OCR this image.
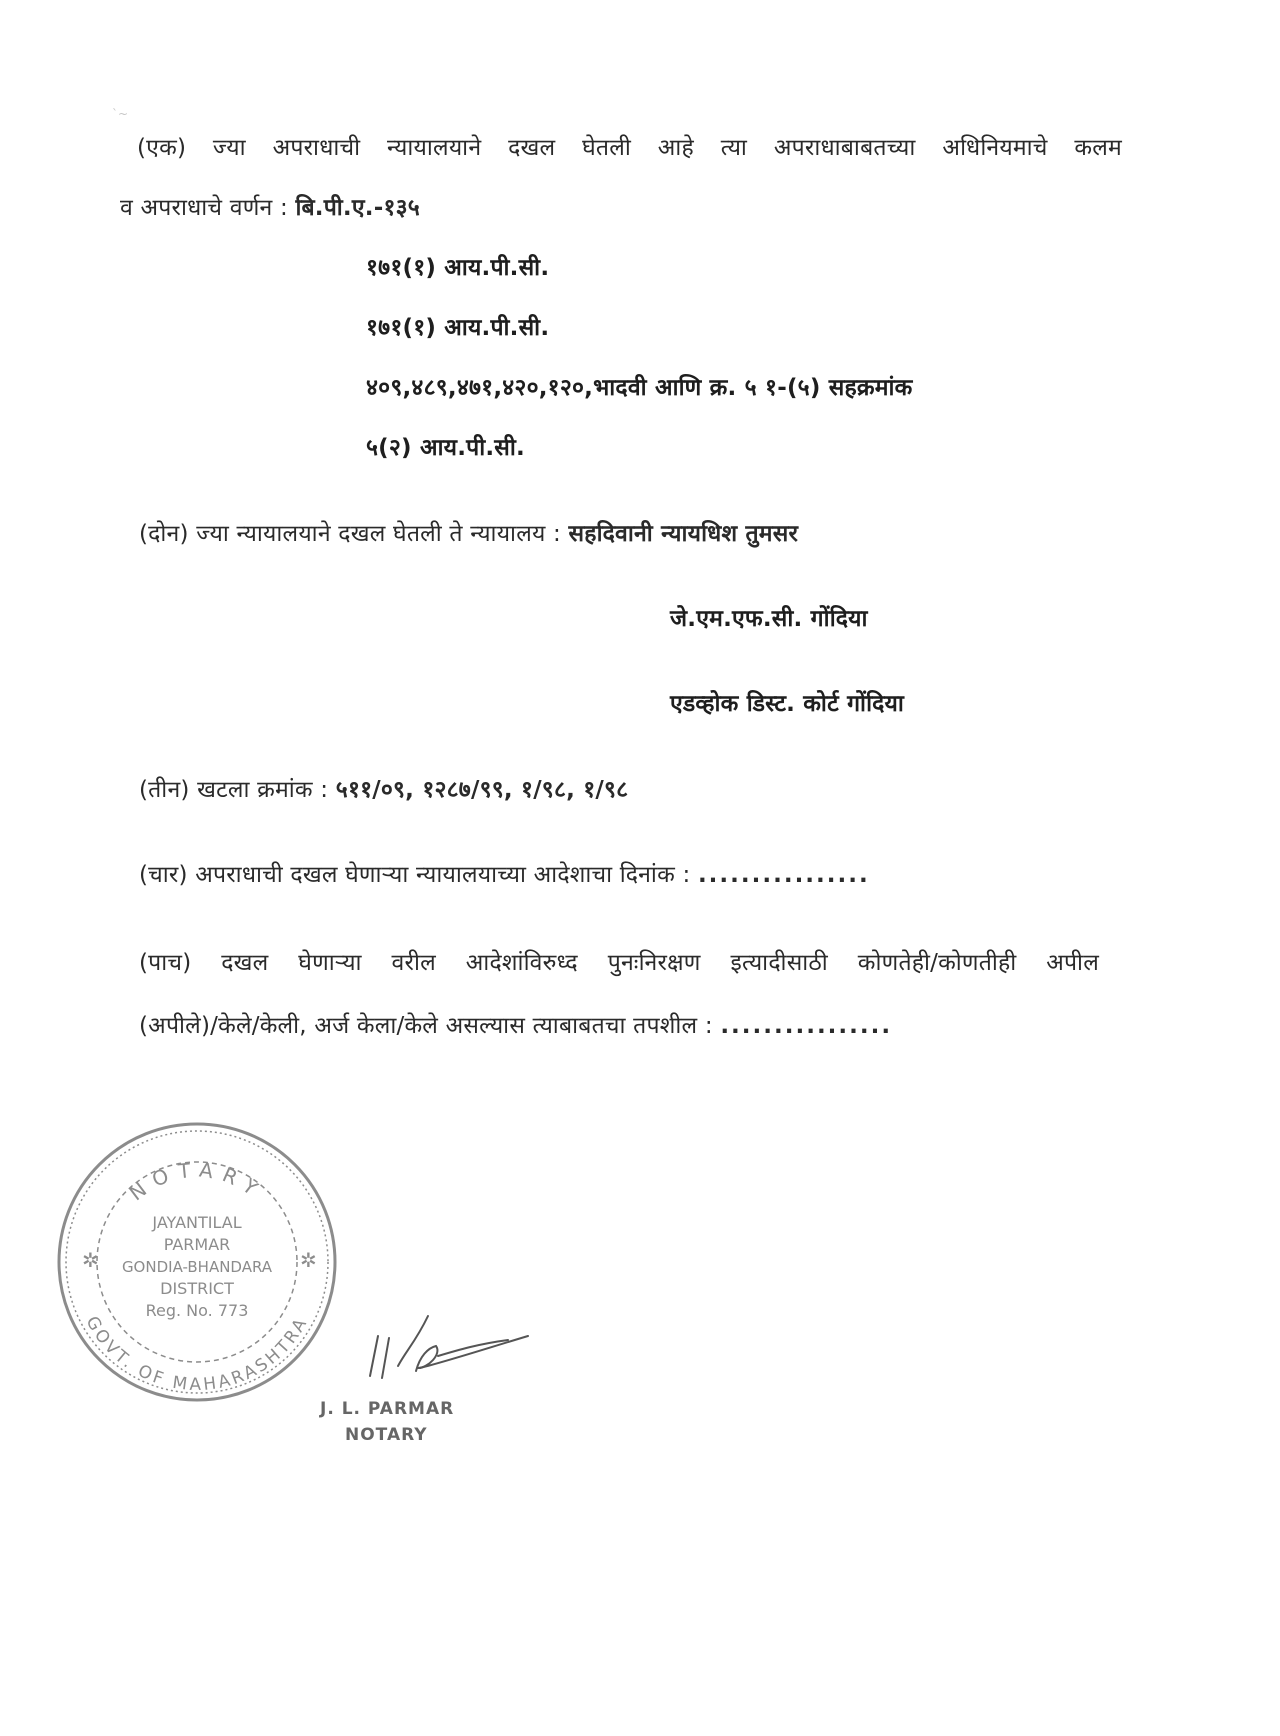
`~
(एक) ज्या अपराधाची न्यायालयाने दखल घेतली आहे त्या अपराधाबाबतच्या अधिनियमाचे कलम
व अपराधाचे वर्णन : बि.पी.ए.-१३५
१७१(१) आय.पी.सी.
१७१(१) आय.पी.सी.
४०९,४८९,४७१,४२०,१२०,भादवी आणि क्र. ५ १-(५) सहक्रमांक
५(२) आय.पी.सी.
(दोन) ज्या न्यायालयाने दखल घेतली ते न्यायालय : सहदिवानी न्यायधिश तुमसर
जे.एम.एफ.सी. गोंदिया
एडव्होक डिस्ट. कोर्ट गोंदिया
(तीन) खटला क्रमांक : ५११/०९, १२८७/९९, १/९८, १/९८
(चार) अपराधाची दखल घेणाऱ्या न्यायालयाच्या आदेशाचा दिनांक : ................
(पाच) दखल घेणाऱ्या वरील आदेशांविरुध्द पुनःनिरक्षण इत्यादीसाठी कोणतेही/कोणतीही अपील
(अपीले)/केले/केली, अर्ज केला/केले असल्यास त्याबाबतचा तपशील : ................
NOTARY
GOVT. OF MAHARASHTRA
✲	✲
JAYANTILAL
PARMAR
GONDIA-BHANDARA
DISTRICT
Reg. No. 773
J. L. PARMAR
NOTARY
